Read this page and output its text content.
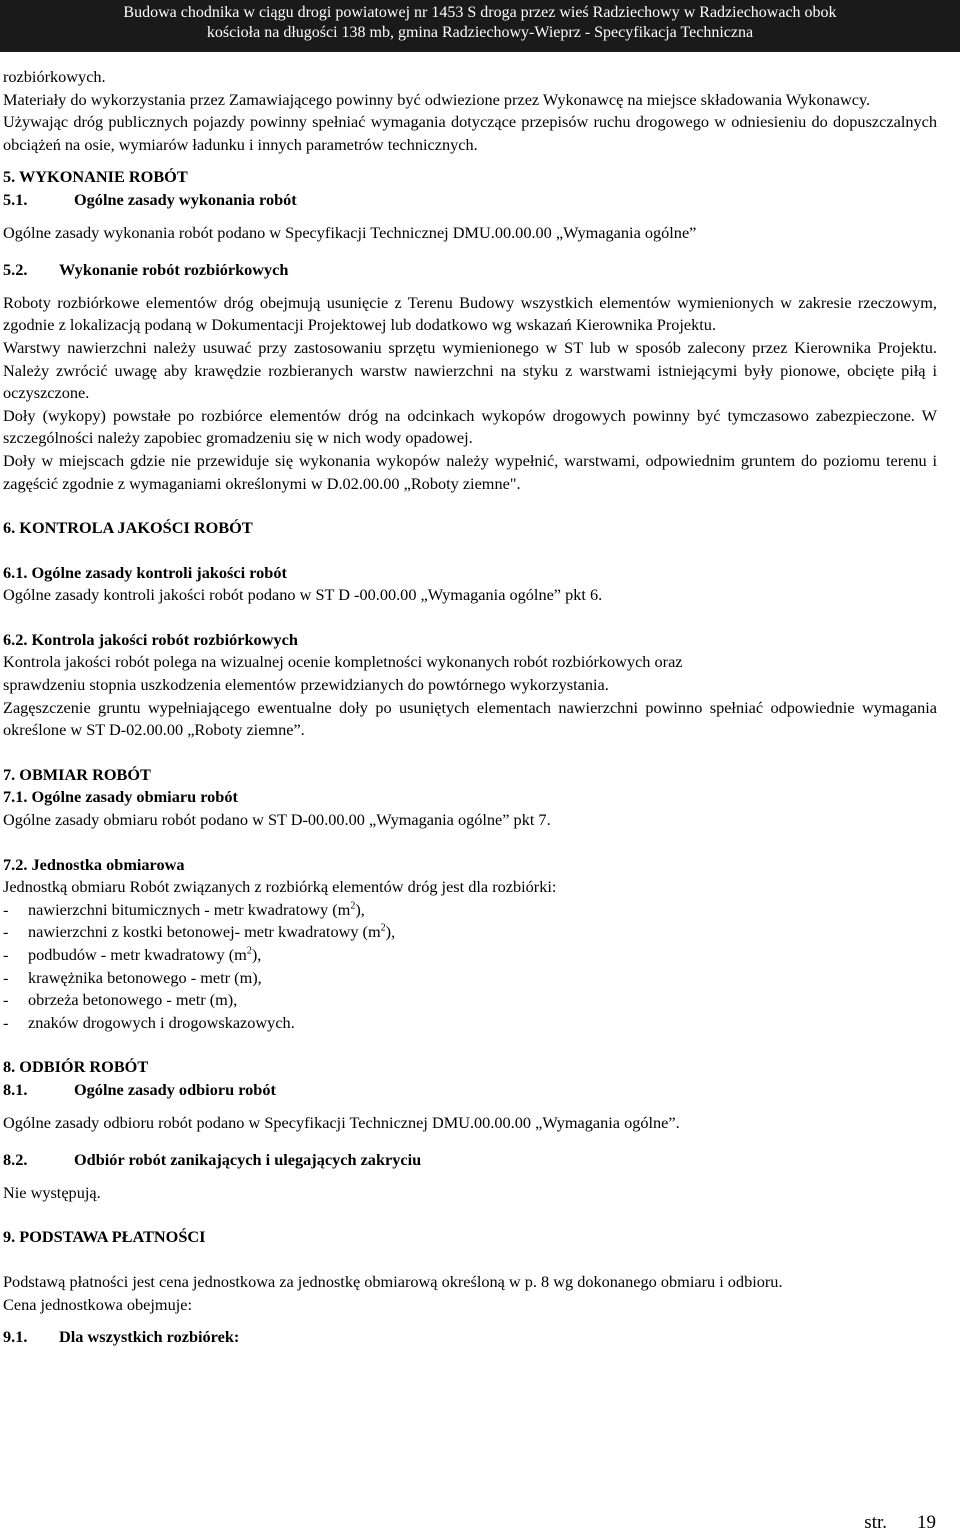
Budowa chodnika w ciągu drogi powiatowej nr 1453 S droga przez wieś Radziechowy w Radziechowach obok
kościoła na długości 138 mb, gmina Radziechowy-Wieprz - Specyfikacja Techniczna

rozbiórkowych.

Materiały do wykorzystania przez Zamawiającego powinny być odwiezione przez Wykonawcę na miejsce składowania Wykonawcy.

Używając dróg publicznych pojazdy powinny spełniać wymagania dotyczące przepisów ruchu drogowego w odniesieniu do dopuszczalnych obciążeń na osie, wymiarów ładunku i innych parametrów technicznych.

5. WYKONANIE ROBÓT

5.1.	Ogólne zasady wykonania robót

Ogólne zasady wykonania robót podano w Specyfikacji Technicznej DMU.00.00.00 „Wymagania ogólne”

5.2. Wykonanie robót rozbiórkowych

Roboty rozbiórkowe elementów dróg obejmują usunięcie z Terenu Budowy wszystkich elementów wymienionych w zakresie rzeczowym, zgodnie z lokalizacją podaną w Dokumentacji Projektowej lub dodatkowo wg wskazań Kierownika Projektu.

Warstwy nawierzchni należy usuwać przy zastosowaniu sprzętu wymienionego w ST lub w sposób zalecony przez Kierownika Projektu. Należy zwrócić uwagę aby krawędzie rozbieranych warstw nawierzchni na styku z warstwami istniejącymi były pionowe, obcięte piłą i oczyszczone.

Doły (wykopy) powstałe po rozbiórce elementów dróg na odcinkach wykopów drogowych powinny być tymczasowo zabezpieczone. W szczególności należy zapobiec gromadzeniu się w nich wody opadowej.

Doły w miejscach gdzie nie przewiduje się wykonania wykopów należy wypełnić, warstwami, odpowiednim gruntem do poziomu terenu i zagęścić zgodnie z wymaganiami określonymi w D.02.00.00 „Roboty ziemne".

6. KONTROLA JAKOŚCI ROBÓT

6.1. Ogólne zasady kontroli jakości robót

Ogólne zasady kontroli jakości robót podano w ST D -00.00.00 „Wymagania ogólne” pkt 6.

6.2. Kontrola jakości robót rozbiórkowych

Kontrola jakości robót polega na wizualnej ocenie kompletności wykonanych robót rozbiórkowych oraz

sprawdzeniu stopnia uszkodzenia elementów przewidzianych do powtórnego wykorzystania.

Zagęszczenie gruntu wypełniającego ewentualne doły po usuniętych elementach nawierzchni powinno spełniać odpowiednie wymagania określone w ST D-02.00.00 „Roboty ziemne”.

7. OBMIAR ROBÓT

7.1. Ogólne zasady obmiaru robót

Ogólne zasady obmiaru robót podano w ST D-00.00.00 „Wymagania ogólne” pkt 7.

7.2. Jednostka obmiarowa

Jednostką obmiaru Robót związanych z rozbiórką elementów dróg jest dla rozbiórki:

- nawierzchni bitumicznych - metr kwadratowy $(m^2)$,

- nawierzchni z kostki betonowej- metr kwadratowy $(m^2)$,

- podbudów - metr kwadratowy $(m^2)$,

- krawężnika betonowego - metr (m),

- obrzeża betonowego - metr (m),

- znaków drogowych i drogowskazowych.

8. ODBIÓR ROBÓT

8.1.	Ogólne zasady odbioru robót

Ogólne zasady odbioru robót podano w Specyfikacji Technicznej DMU.00.00.00 „Wymagania ogólne”.

8.2.	Odbiór robót zanikających i ulegających zakryciu

Nie występują.

9. PODSTAWA PŁATNOŚCI

Podstawą płatności jest cena jednostkowa za jednostkę obmiarową określoną w p. 8 wg dokonanego obmiaru i odbioru.

Cena jednostkowa obejmuje:

9.1. Dla wszystkich rozbiórek:

str. 19
